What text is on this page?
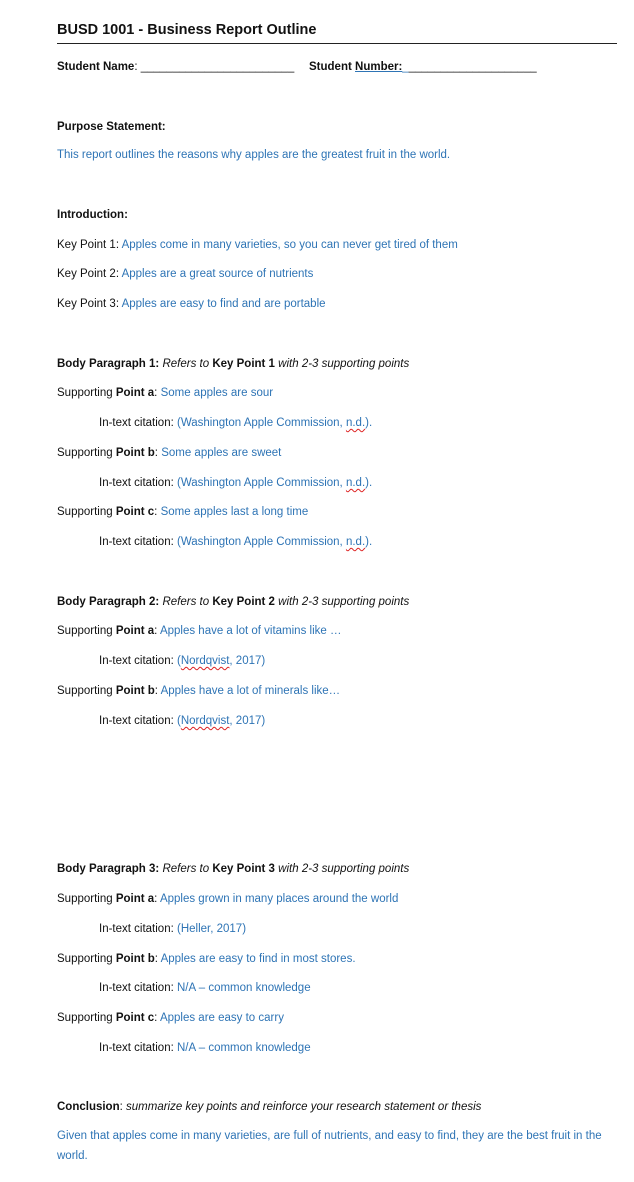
BUSD 1001 - Business Report Outline
Student Name: ________________________ Student Number:_____________________
Purpose Statement:
This report outlines the reasons why apples are the greatest fruit in the world.
Introduction:
Key Point 1: Apples come in many varieties, so you can never get tired of them
Key Point 2: Apples are a great source of nutrients
Key Point 3: Apples are easy to find and are portable
Body Paragraph 1: Refers to Key Point 1 with 2-3 supporting points
Supporting Point a: Some apples are sour
In-text citation: (Washington Apple Commission, n.d.).
Supporting Point b: Some apples are sweet
In-text citation: (Washington Apple Commission, n.d.).
Supporting Point c: Some apples last a long time
In-text citation: (Washington Apple Commission, n.d.).
Body Paragraph 2: Refers to Key Point 2 with 2-3 supporting points
Supporting Point a: Apples have a lot of vitamins like …
In-text citation: (Nordqvist, 2017)
Supporting Point b: Apples have a lot of minerals like…
In-text citation: (Nordqvist, 2017)
Body Paragraph 3: Refers to Key Point 3 with 2-3 supporting points
Supporting Point a: Apples grown in many places around the world
In-text citation: (Heller, 2017)
Supporting Point b: Apples are easy to find in most stores.
In-text citation: N/A – common knowledge
Supporting Point c: Apples are easy to carry
In-text citation: N/A – common knowledge
Conclusion: summarize key points and reinforce your research statement or thesis
Given that apples come in many varieties, are full of nutrients, and easy to find, they are the best fruit in the world.
